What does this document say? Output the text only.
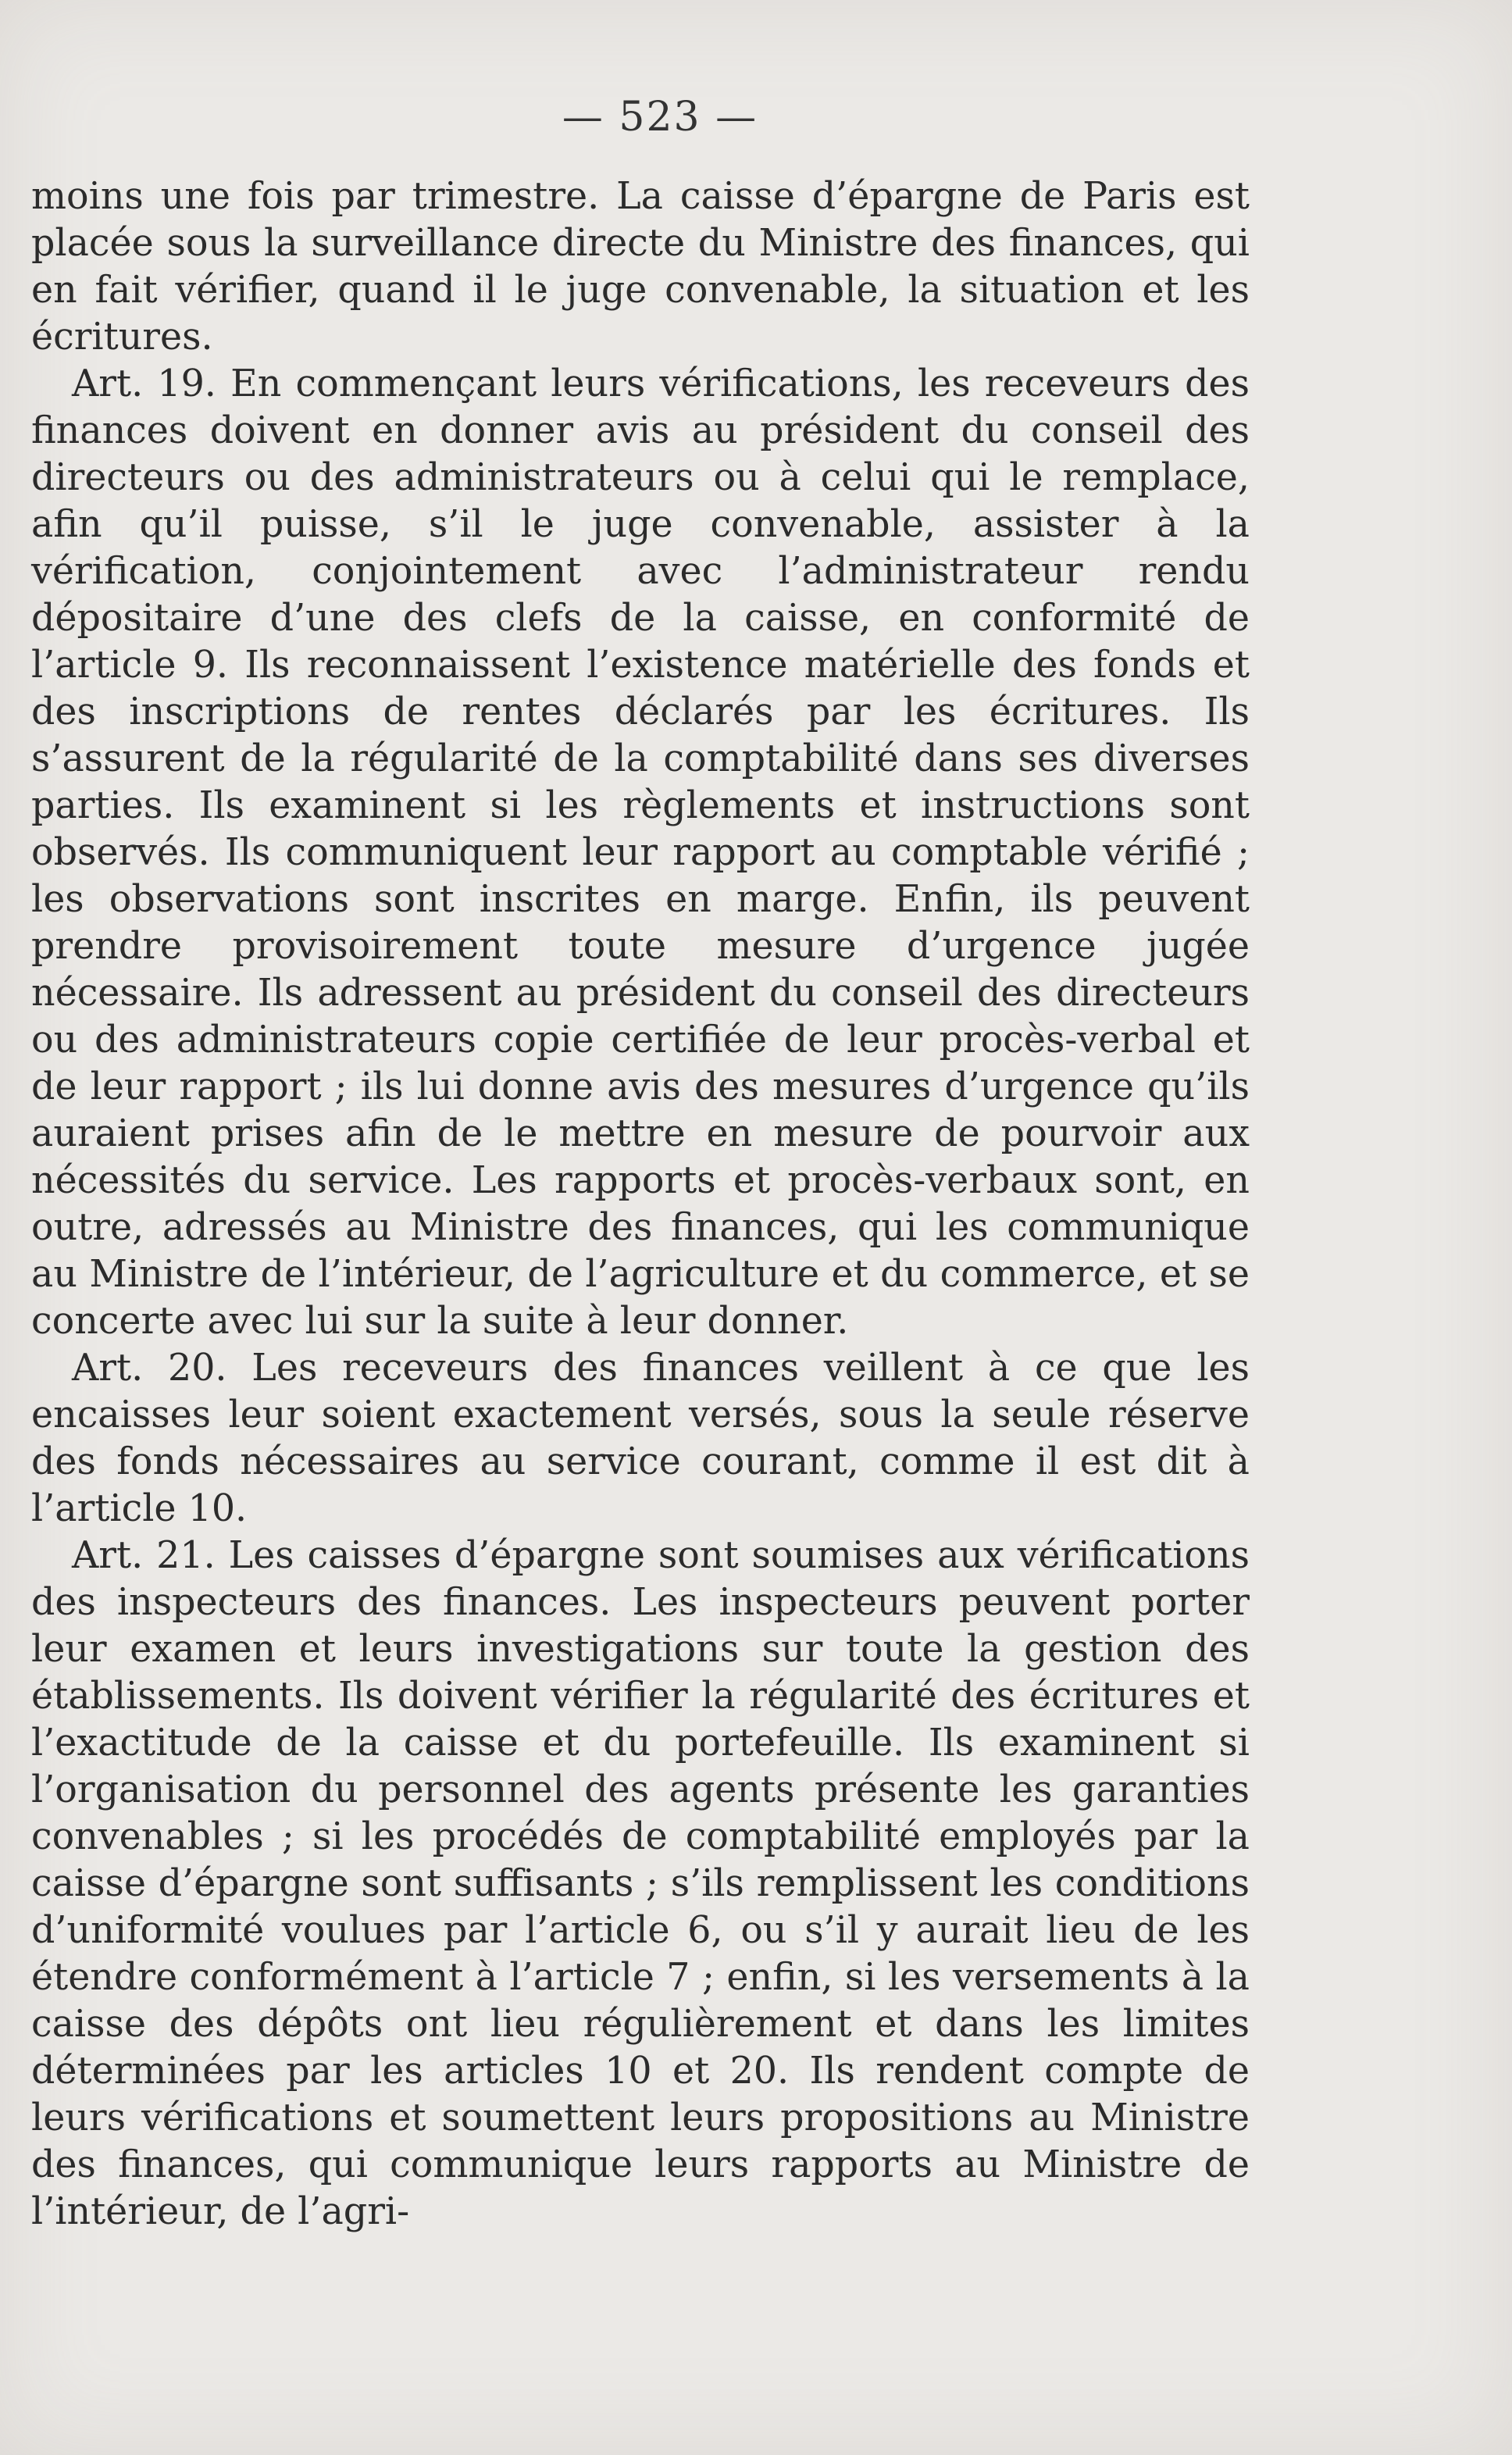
— 523 —

moins une fois par trimestre. La caisse d’épargne de Paris est placée sous la surveillance directe du Ministre des finances, qui en fait vérifier, quand il le juge convenable, la situation et les écritures.

Art. 19. En commençant leurs vérifications, les receveurs des finances doivent en donner avis au président du conseil des directeurs ou des administrateurs ou à celui qui le remplace, afin qu’il puisse, s’il le juge convenable, assister à la vérification, conjointement avec l’administrateur rendu dépositaire d’une des clefs de la caisse, en conformité de l’article 9. Ils reconnaissent l’existence matérielle des fonds et des inscriptions de rentes déclarés par les écritures. Ils s’assurent de la régularité de la comptabilité dans ses diverses parties. Ils examinent si les règlements et instructions sont observés. Ils communiquent leur rapport au comptable vérifié ; les observations sont inscrites en marge. Enfin, ils peuvent prendre provisoirement toute mesure d’urgence jugée nécessaire. Ils adressent au président du conseil des directeurs ou des administrateurs copie certifiée de leur procès-verbal et de leur rapport ; ils lui donne avis des mesures d’urgence qu’ils auraient prises afin de le mettre en mesure de pourvoir aux nécessités du service. Les rapports et procès-verbaux sont, en outre, adressés au Ministre des finances, qui les communique au Ministre de l’intérieur, de l’agriculture et du commerce, et se concerte avec lui sur la suite à leur donner.

Art. 20. Les receveurs des finances veillent à ce que les encaisses leur soient exactement versés, sous la seule réserve des fonds nécessaires au service courant, comme il est dit à l’article 10.

Art. 21. Les caisses d’épargne sont soumises aux vérifications des inspecteurs des finances. Les inspecteurs peuvent porter leur examen et leurs investigations sur toute la gestion des établissements. Ils doivent vérifier la régularité des écritures et l’exactitude de la caisse et du portefeuille. Ils examinent si l’organisation du personnel des agents présente les garanties convenables ; si les procédés de comptabilité employés par la caisse d’épargne sont suffisants ; s’ils remplissent les conditions d’uniformité voulues par l’article 6, ou s’il y aurait lieu de les étendre conformément à l’article 7 ; enfin, si les versements à la caisse des dépôts ont lieu régulièrement et dans les limites déterminées par les articles 10 et 20. Ils rendent compte de leurs vérifications et soumettent leurs propositions au Ministre des finances, qui communique leurs rapports au Ministre de l’intérieur, de l’agri-
